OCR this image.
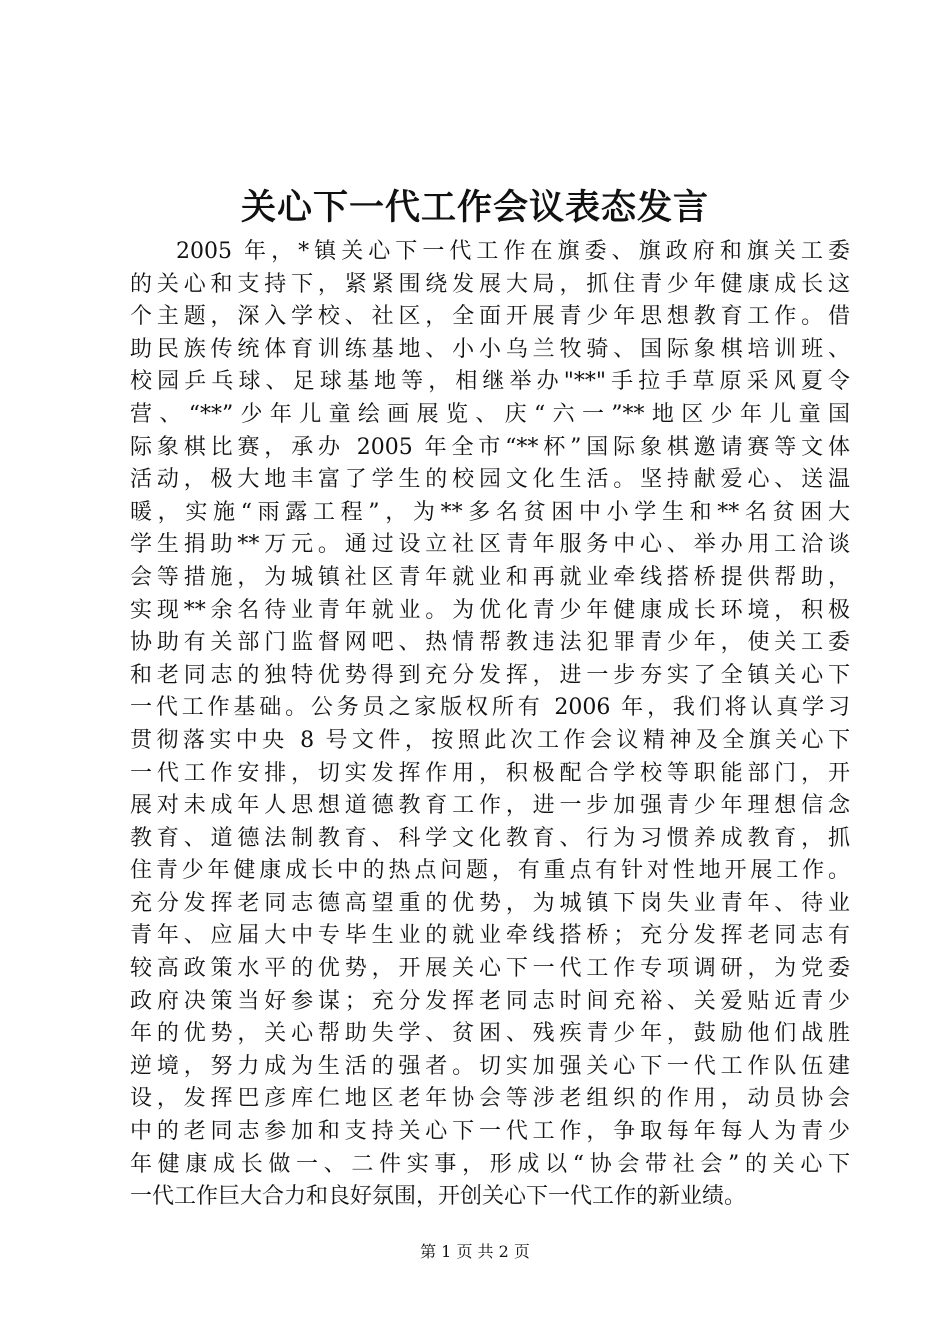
关心下一代工作会议表态发言
2005 年，*镇关心下一代工作在旗委、旗政府和旗关工委
的关心和支持下，紧紧围绕发展大局，抓住青少年健康成长这
个主题，深入学校、社区，全面开展青少年思想教育工作。借
助民族传统体育训练基地、小小乌兰牧骑、国际象棋培训班、
校园乒乓球、足球基地等，相继举办"**"手拉手草原采风夏令
营、“**”少年儿童绘画展览、庆“六一”**地区少年儿童国
际象棋比赛，承办 2005 年全市“**杯”国际象棋邀请赛等文体
活动，极大地丰富了学生的校园文化生活。坚持献爱心、送温
暖，实施“雨露工程”，为**多名贫困中小学生和**名贫困大
学生捐助**万元。通过设立社区青年服务中心、举办用工洽谈
会等措施，为城镇社区青年就业和再就业牵线搭桥提供帮助，
实现**余名待业青年就业。为优化青少年健康成长环境，积极
协助有关部门监督网吧、热情帮教违法犯罪青少年，使关工委
和老同志的独特优势得到充分发挥，进一步夯实了全镇关心下
一代工作基础。公务员之家版权所有 2006 年，我们将认真学习
贯彻落实中央 8 号文件，按照此次工作会议精神及全旗关心下
一代工作安排，切实发挥作用，积极配合学校等职能部门，开
展对未成年人思想道德教育工作，进一步加强青少年理想信念
教育、道德法制教育、科学文化教育、行为习惯养成教育，抓
住青少年健康成长中的热点问题，有重点有针对性地开展工作。
充分发挥老同志德高望重的优势，为城镇下岗失业青年、待业
青年、应届大中专毕生业的就业牵线搭桥；充分发挥老同志有
较高政策水平的优势，开展关心下一代工作专项调研，为党委
政府决策当好参谋；充分发挥老同志时间充裕、关爱贴近青少
年的优势，关心帮助失学、贫困、残疾青少年，鼓励他们战胜
逆境，努力成为生活的强者。切实加强关心下一代工作队伍建
设，发挥巴彦库仁地区老年协会等涉老组织的作用，动员协会
中的老同志参加和支持关心下一代工作，争取每年每人为青少
年健康成长做一、二件实事，形成以“协会带社会”的关心下
一代工作巨大合力和良好氛围，开创关心下一代工作的新业绩。
第 1 页 共 2 页
